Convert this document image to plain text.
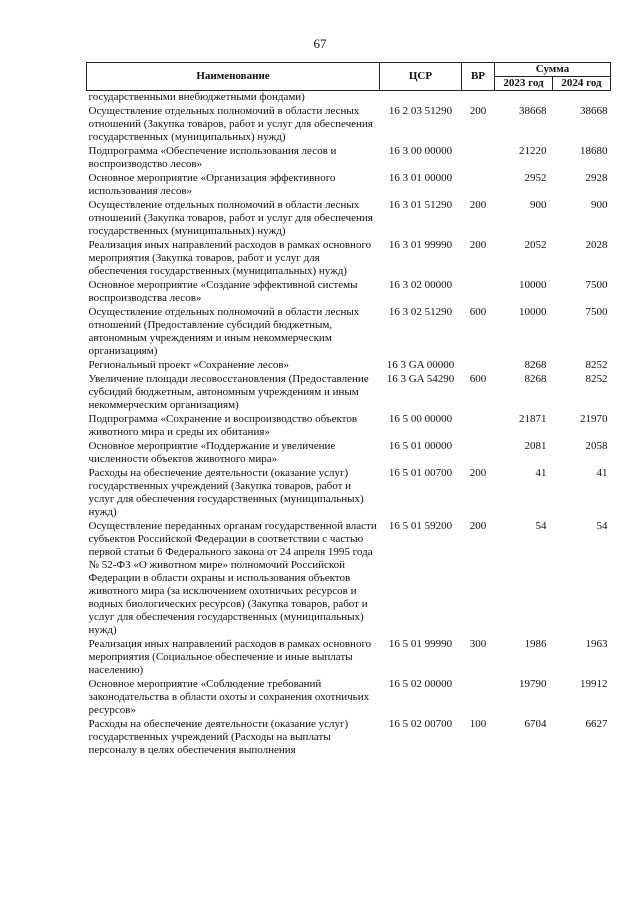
67
Наименование	ЦСР	ВР	Сумма	
			2023 год	2024 год
государственными внебюджетными фондами)				
Осуществление отдельных полномочий в области лесных отношений (Закупка товаров, работ и услуг для обеспечения государственных (муниципальных) нужд)	16 2 03 51290	200	38668	38668
Подпрограмма «Обеспечение использования лесов и воспроизводство лесов»	16 3 00 00000		21220	18680
Основное мероприятие «Организация эффективного использования лесов»	16 3 01 00000		2952	2928
Осуществление отдельных полномочий в области лесных отношений (Закупка товаров, работ и услуг для обеспечения государственных (муниципальных) нужд)	16 3 01 51290	200	900	900
Реализация иных направлений расходов в рамках основного мероприятия (Закупка товаров, работ и услуг для обеспечения государственных (муниципальных) нужд)	16 3 01 99990	200	2052	2028
Основное мероприятие «Создание эффективной системы воспроизводства лесов»	16 3 02 00000		10000	7500
Осуществление отдельных полномочий в области лесных отношений (Предоставление субсидий бюджетным, автономным учреждениям и иным некоммерческим организациям)	16 3 02 51290	600	10000	7500
Региональный проект «Сохранение лесов»	16 3 GA 00000		8268	8252
Увеличение площади лесовосстановления (Предоставление субсидий бюджетным, автономным учреждениям и иным некоммерческим организациям)	16 3 GA 54290	600	8268	8252
Подпрограмма «Сохранение и воспроизводство объектов животного мира и среды их обитания»	16 5 00 00000		21871	21970
Основное мероприятие «Поддержание и увеличение численности объектов животного мира»	16 5 01 00000		2081	2058
Расходы на обеспечение деятельности (оказание услуг) государственных учреждений (Закупка товаров, работ и услуг для обеспечения государственных (муниципальных) нужд)	16 5 01 00700	200	41	41
Осуществление переданных органам государственной власти субъектов Российской Федерации в соответствии с частью первой статьи 6 Федерального закона от 24 апреля 1995 года № 52-ФЗ «О животном мире» полномочий Российской Федерации в области охраны и использования объектов животного мира (за исключением охотничьих ресурсов и водных биологических ресурсов) (Закупка товаров, работ и услуг для обеспечения государственных (муниципальных) нужд)	16 5 01 59200	200	54	54
Реализация иных направлений расходов в рамках основного мероприятия (Социальное обеспечение и иные выплаты населению)	16 5 01 99990	300	1986	1963
Основное мероприятие «Соблюдение требований законодательства в области охоты и сохранения охотничьих ресурсов»	16 5 02 00000		19790	19912
Расходы на обеспечение деятельности (оказание услуг) государственных учреждений (Расходы на выплаты персоналу в целях обеспечения выполнения	16 5 02 00700	100	6704	6627
